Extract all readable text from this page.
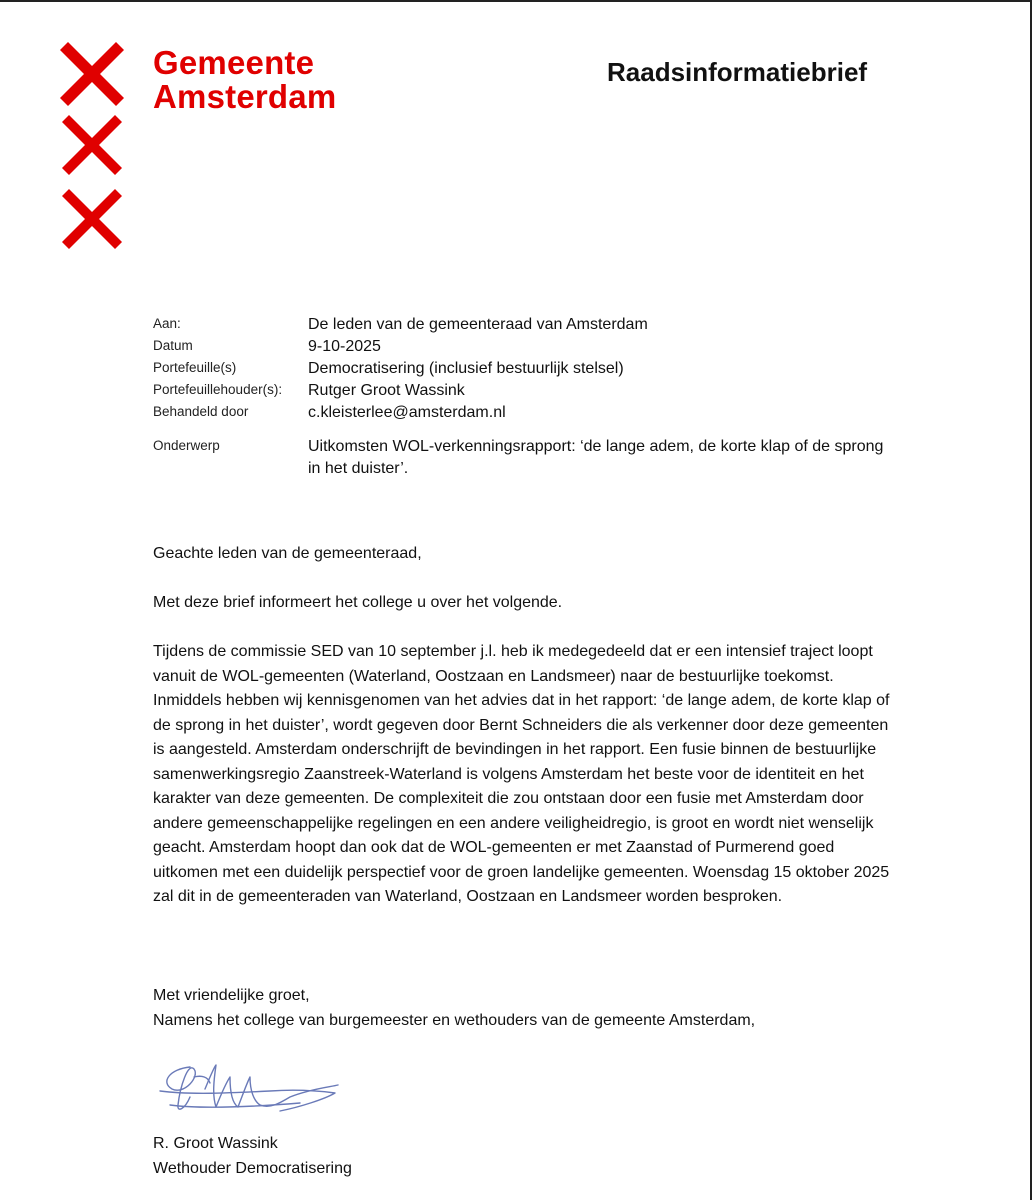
Gemeente
Amsterdam
Raadsinformatiebrief
Aan:	De leden van de gemeenteraad van Amsterdam
Datum	9-10-2025
Portefeuille(s)	Democratisering (inclusief bestuurlijk stelsel)
Portefeuillehouder(s):	Rutger Groot Wassink
Behandeld door	c.kleisterlee@amsterdam.nl
Onderwerp	Uitkomsten WOL-verkenningsrapport: ‘de lange adem, de korte klap of de sprong in het duister’.

Geachte leden van de gemeenteraad,

Met deze brief informeert het college u over het volgende.

Tijdens de commissie SED van 10 september j.l. heb ik medegedeeld dat er een intensief traject loopt vanuit de WOL-gemeenten (Waterland, Oostzaan en Landsmeer) naar de bestuurlijke toekomst. Inmiddels hebben wij kennisgenomen van het advies dat in het rapport: ‘de lange adem, de korte klap of de sprong in het duister’, wordt gegeven door Bernt Schneiders die als verkenner door deze gemeenten is aangesteld. Amsterdam onderschrijft de bevindingen in het rapport. Een fusie binnen de bestuurlijke samenwerkingsregio Zaanstreek-Waterland is volgens Amsterdam het beste voor de identiteit en het karakter van deze gemeenten. De complexiteit die zou ontstaan door een fusie met Amsterdam door andere gemeenschappelijke regelingen en een andere veiligheidregio, is groot en wordt niet wenselijk geacht. Amsterdam hoopt dan ook dat de WOL-gemeenten er met Zaanstad of Purmerend goed uitkomen met een duidelijk perspectief voor de groen landelijke gemeenten. Woensdag 15 oktober 2025 zal dit in de gemeenteraden van Waterland, Oostzaan en Landsmeer worden besproken.

Met vriendelijke groet,
Namens het college van burgemeester en wethouders van de gemeente Amsterdam,
R. Groot Wassink
Wethouder Democratisering
